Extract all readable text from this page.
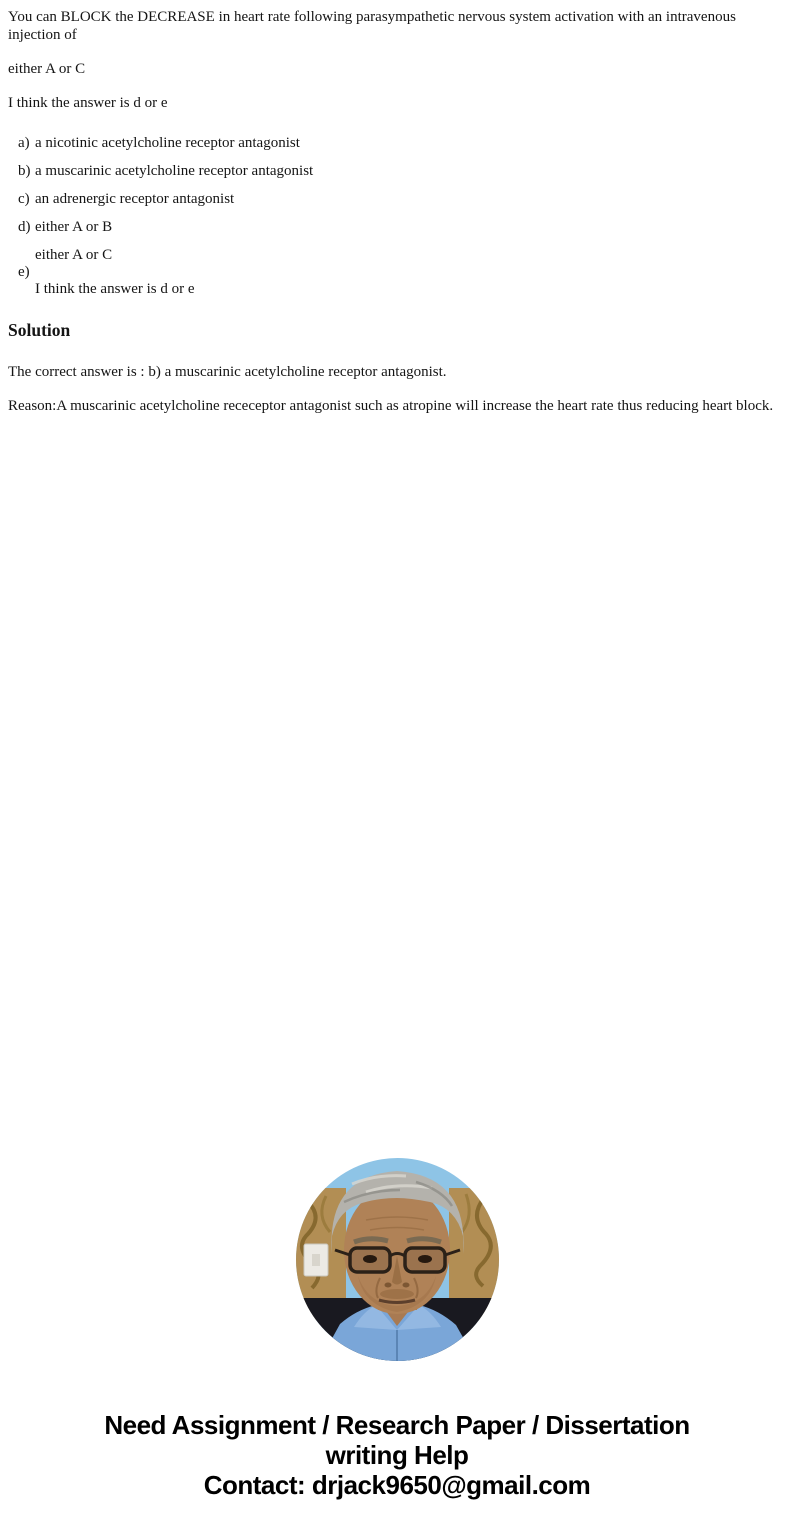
You can BLOCK the DECREASE in heart rate following parasympathetic nervous system activation with an intravenous injection of

either A or C

I think the answer is d or e

a) a nicotinic acetylcholine receptor antagonist
b) a muscarinic acetylcholine receptor antagonist
c) an adrenergic receptor antagonist
d) either A or B
e)
either A or C
I think the answer is d or e
Solution

The correct answer is : b) a muscarinic acetylcholine receptor antagonist.

Reason:A muscarinic acetylcholine receceptor antagonist such as atropine will increase the heart rate thus reducing heart block.

Need Assignment / Research Paper / Dissertation
writing Help
Contact: drjack9650@gmail.com
